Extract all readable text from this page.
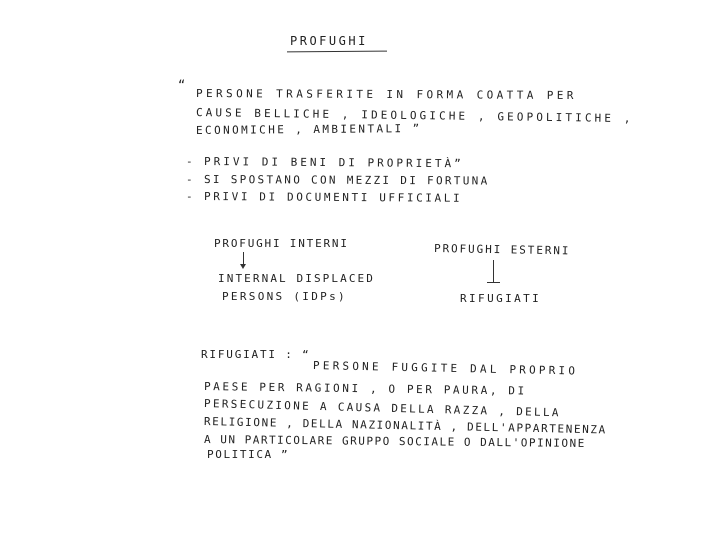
PROFUGHI
“
PERSONE TRASFERITE IN FORMA COATTA PER
CAUSE BELLICHE , IDEOLOGICHE , GEOPOLITICHE ,
ECONOMICHE , AMBIENTALI ”
- PRIVI DI BENI DI PROPRIETÀ”
- SI SPOSTANO CON MEZZI DI FORTUNA
- PRIVI DI DOCUMENTI UFFICIALI
PROFUGHI INTERNI
INTERNAL DISPLACED
PERSONS (IDPs)
PROFUGHI ESTERNI
RIFUGIATI
RIFUGIATI : “
PERSONE FUGGITE DAL PROPRIO
PAESE PER RAGIONI , O PER PAURA, DI
PERSECUZIONE A CAUSA DELLA RAZZA , DELLA
RELIGIONE , DELLA NAZIONALITÀ , DELL'APPARTENENZA
A UN PARTICOLARE GRUPPO SOCIALE O DALL'OPINIONE
POLITICA ”
